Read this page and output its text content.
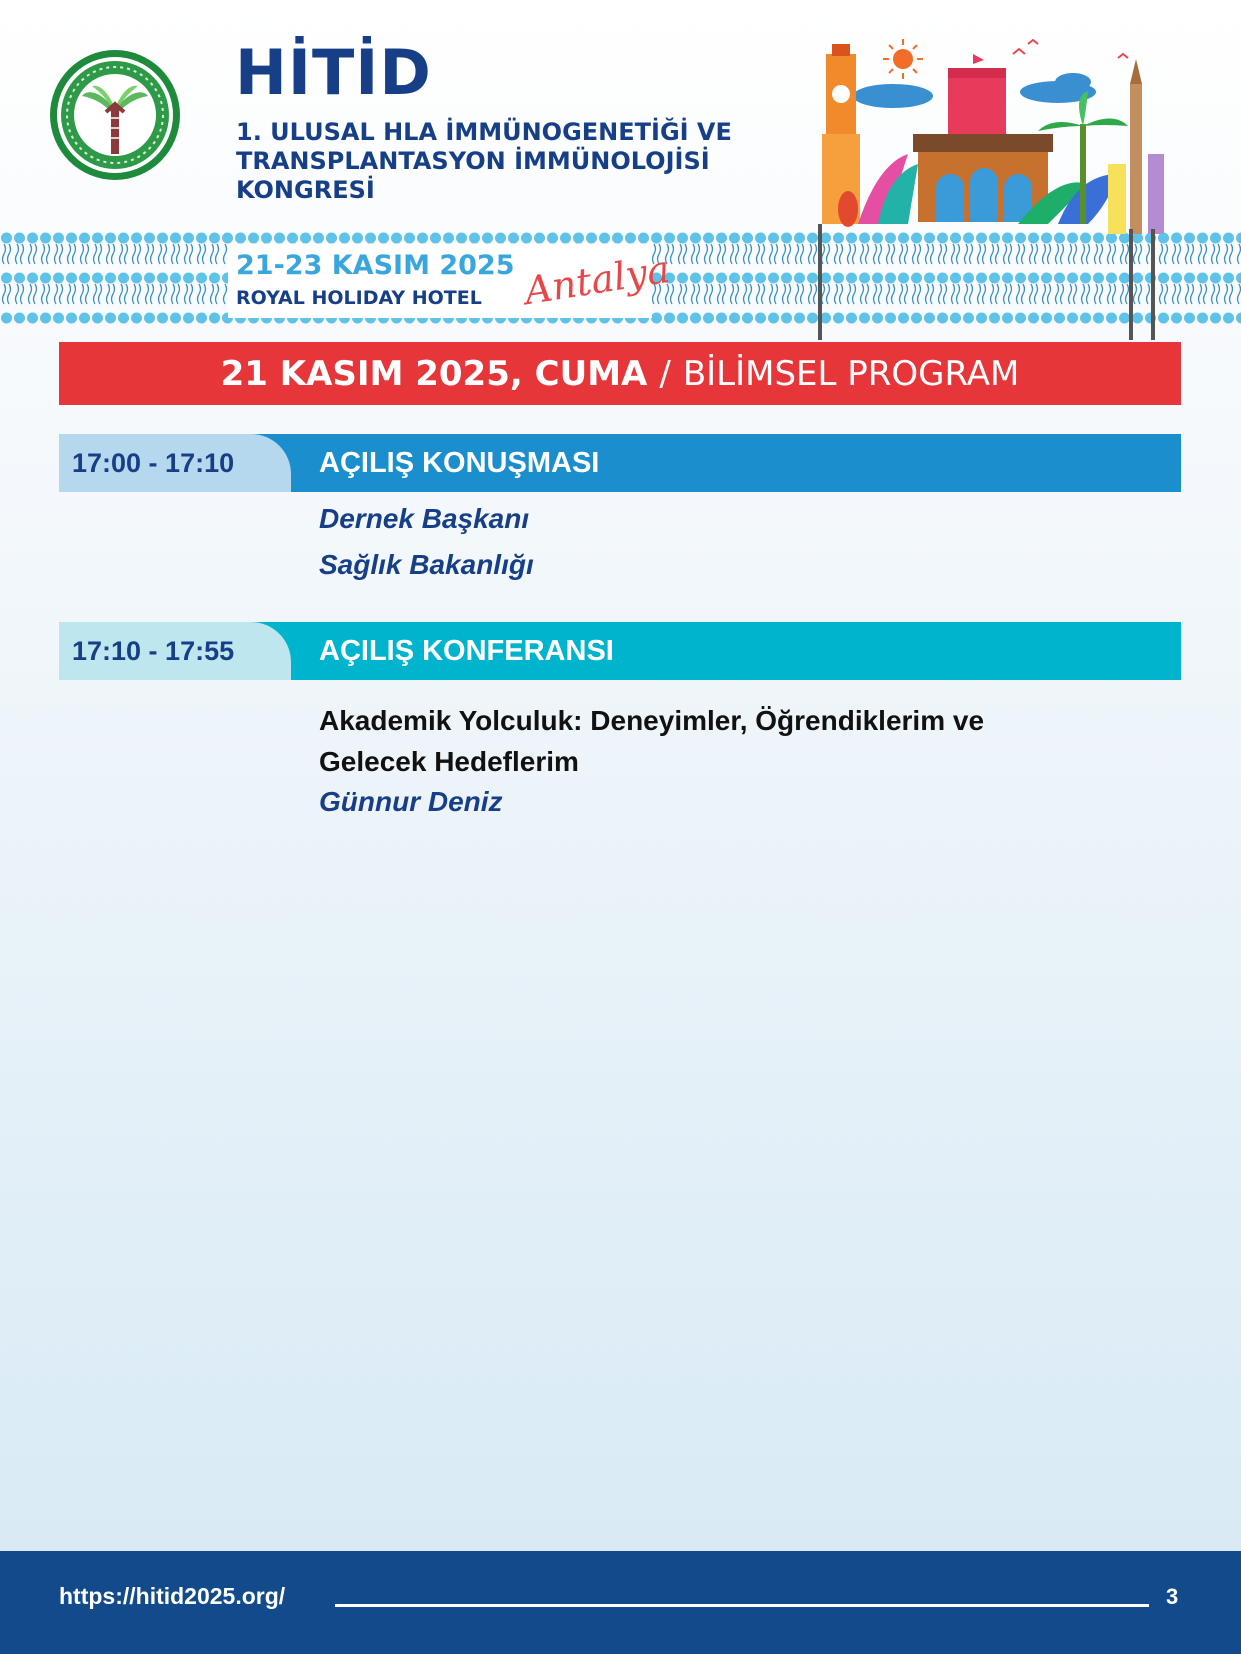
HİTİD
1. ULUSAL HLA İMMÜNOGENETİĞİ VE
TRANSPLANTASYON İMMÜNOLOJİSİ
KONGRESİ

21-23 KASIM 2025

ROYAL HOLIDAY HOTEL Antalya

21 KASIM 2025, CUMA / BİLİMSEL PROGRAM
17:00 - 17:10	AÇILIŞ KONUŞMASI

Dernek Başkanı

Sağlık Bakanlığı

17:10 - 17:55	AÇILIŞ KONFERANSI
Akademik Yolculuk: Deneyimler, Öğrendiklerim ve
Gelecek Hedeflerim

Günnur Deniz

https://hitid2025.org/	3
